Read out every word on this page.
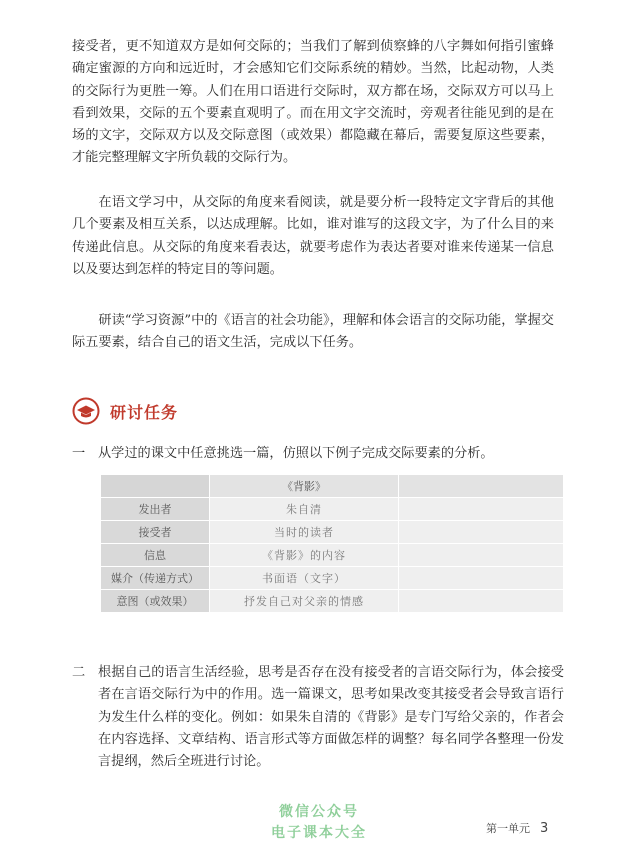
接受者，更不知道双方是如何交际的；当我们了解到侦察蜂的八字舞如何指引蜜蜂确定蜜源的方向和远近时，才会感知它们交际系统的精妙。当然，比起动物，人类的交际行为更胜一筹。人们在用口语进行交际时，双方都在场，交际双方可以马上看到效果，交际的五个要素直观明了。而在用文字交流时，旁观者往能见到的是在场的文字，交际双方以及交际意图（或效果）都隐藏在幕后，需要复原这些要素，才能完整理解文字所负载的交际行为。

在语文学习中，从交际的角度来看阅读，就是要分析一段特定文字背后的其他几个要素及相互关系，以达成理解。比如，谁对谁写的这段文字，为了什么目的来传递此信息。从交际的角度来看表达，就要考虑作为表达者要对谁来传递某一信息以及要达到怎样的特定目的等问题。

研读“学习资源”中的《语言的社会功能》，理解和体会语言的交际功能，掌握交际五要素，结合自己的语文生活，完成以下任务。

研讨任务

一 从学过的课文中任意挑选一篇，仿照以下例子完成交际要素的分析。

	《背影》	
发出者	朱自清	
接受者	当时的读者	
信息	《背影》的内容	
媒介（传递方式）	书面语（文字）	
意图（或效果）	抒发自己对父亲的情感	

二 根据自己的语言生活经验，思考是否存在没有接受者的言语交际行为，体会接受者在言语交际行为中的作用。选一篇课文，思考如果改变其接受者会导致言语行为发生什么样的变化。例如：如果朱自清的《背影》是专门写给父亲的，作者会在内容选择、文章结构、语言形式等方面做怎样的调整？每名同学各整理一份发言提纲，然后全班进行讨论。

微信公众号
电子课本大全	第一单元 3
